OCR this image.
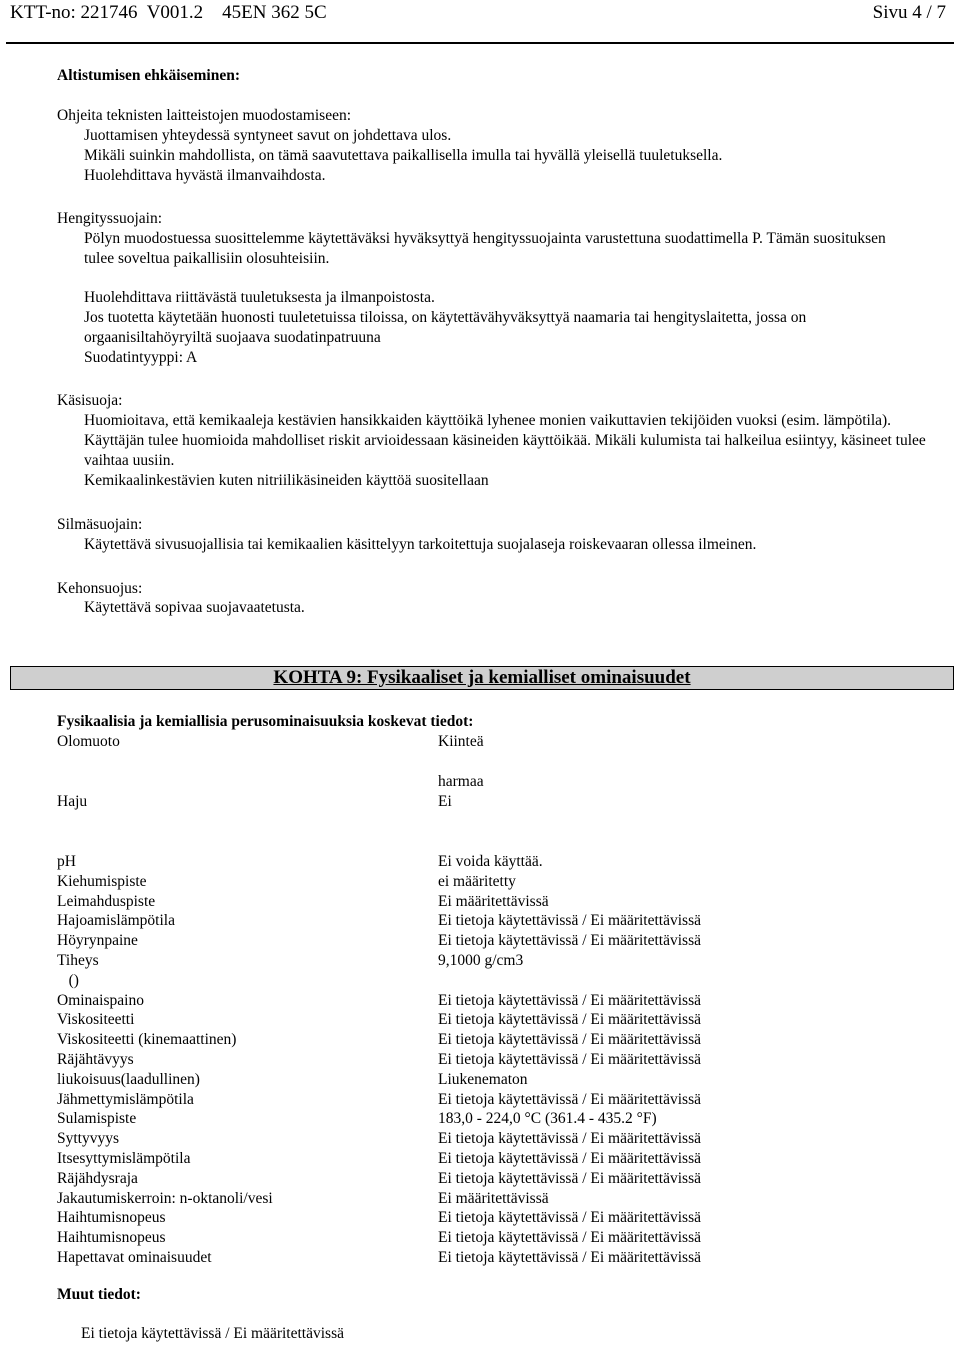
KTT-no: 221746  V001.2    45EN 362 5C	Sivu 4 / 7
Altistumisen ehkäiseminen:
Ohjeita teknisten laitteistojen muodostamiseen:
Juottamisen yhteydessä syntyneet savut on johdettava ulos.
Mikäli suinkin mahdollista, on tämä saavutettava paikallisella imulla tai hyvällä yleisellä tuuletuksella.
Huolehdittava hyvästä ilmanvaihdosta.
Hengityssuojain:
Pölyn muodostuessa suosittelemme käytettäväksi hyväksyttyä hengityssuojainta varustettuna suodattimella P. Tämän suosituksen tulee soveltua paikallisiin olosuhteisiin.
Huolehdittava riittävästä tuuletuksesta ja ilmanpoistosta.
Jos tuotetta käytetään huonosti tuuletetuissa tiloissa, on käytettävähyväksyttyä naamaria tai hengityslaitetta, jossa on orgaanisiltahöyryiltä suojaava suodatinpatruuna
Suodatintyyppi: A
Käsisuoja:
Huomioitava, että kemikaaleja kestävien hansikkaiden käyttöikä lyhenee monien vaikuttavien tekijöiden vuoksi (esim. lämpötila). Käyttäjän tulee huomioida mahdolliset riskit arvioidessaan käsineiden käyttöikää. Mikäli kulumista tai halkeilua esiintyy, käsineet tulee vaihtaa uusiin.
Kemikaalinkestävien kuten nitriilikäsineiden käyttöä suositellaan
Silmäsuojain:
Käytettävä sivusuojallisia tai kemikaalien käsittelyyn tarkoitettuja suojalaseja roiskevaaran ollessa ilmeinen.
Kehonsuojus:
Käytettävä sopivaa suojavaatetusta.
KOHTA 9: Fysikaaliset ja kemialliset ominaisuudet
Fysikaalisia ja kemiallisia perusominaisuuksia koskevat tiedot:
Olomuoto	Kiinteä
harmaa
Haju	Ei
pH	Ei voida käyttää.
Kiehumispiste	ei määritetty
Leimahduspiste	Ei määritettävissä
Hajoamislämpötila	Ei tietoja käytettävissä / Ei määritettävissä
Höyrynpaine	Ei tietoja käytettävissä / Ei määritettävissä
Tiheys	9,1000 g/cm3
()
Ominaispaino	Ei tietoja käytettävissä / Ei määritettävissä
Viskositeetti	Ei tietoja käytettävissä / Ei määritettävissä
Viskositeetti (kinemaattinen)	Ei tietoja käytettävissä / Ei määritettävissä
Räjähtävyys	Ei tietoja käytettävissä / Ei määritettävissä
liukoisuus(laadullinen)	Liukenematon
Jähmettymislämpötila	Ei tietoja käytettävissä / Ei määritettävissä
Sulamispiste	183,0 - 224,0 °C (361.4 - 435.2 °F)
Syttyvyys	Ei tietoja käytettävissä / Ei määritettävissä
Itsesyttymislämpötila	Ei tietoja käytettävissä / Ei määritettävissä
Räjähdysraja	Ei tietoja käytettävissä / Ei määritettävissä
Jakautumiskerroin: n-oktanoli/vesi	Ei määritettävissä
Haihtumisnopeus	Ei tietoja käytettävissä / Ei määritettävissä
Haihtumisnopeus	Ei tietoja käytettävissä / Ei määritettävissä
Hapettavat ominaisuudet	Ei tietoja käytettävissä / Ei määritettävissä
Muut tiedot:
Ei tietoja käytettävissä / Ei määritettävissä
